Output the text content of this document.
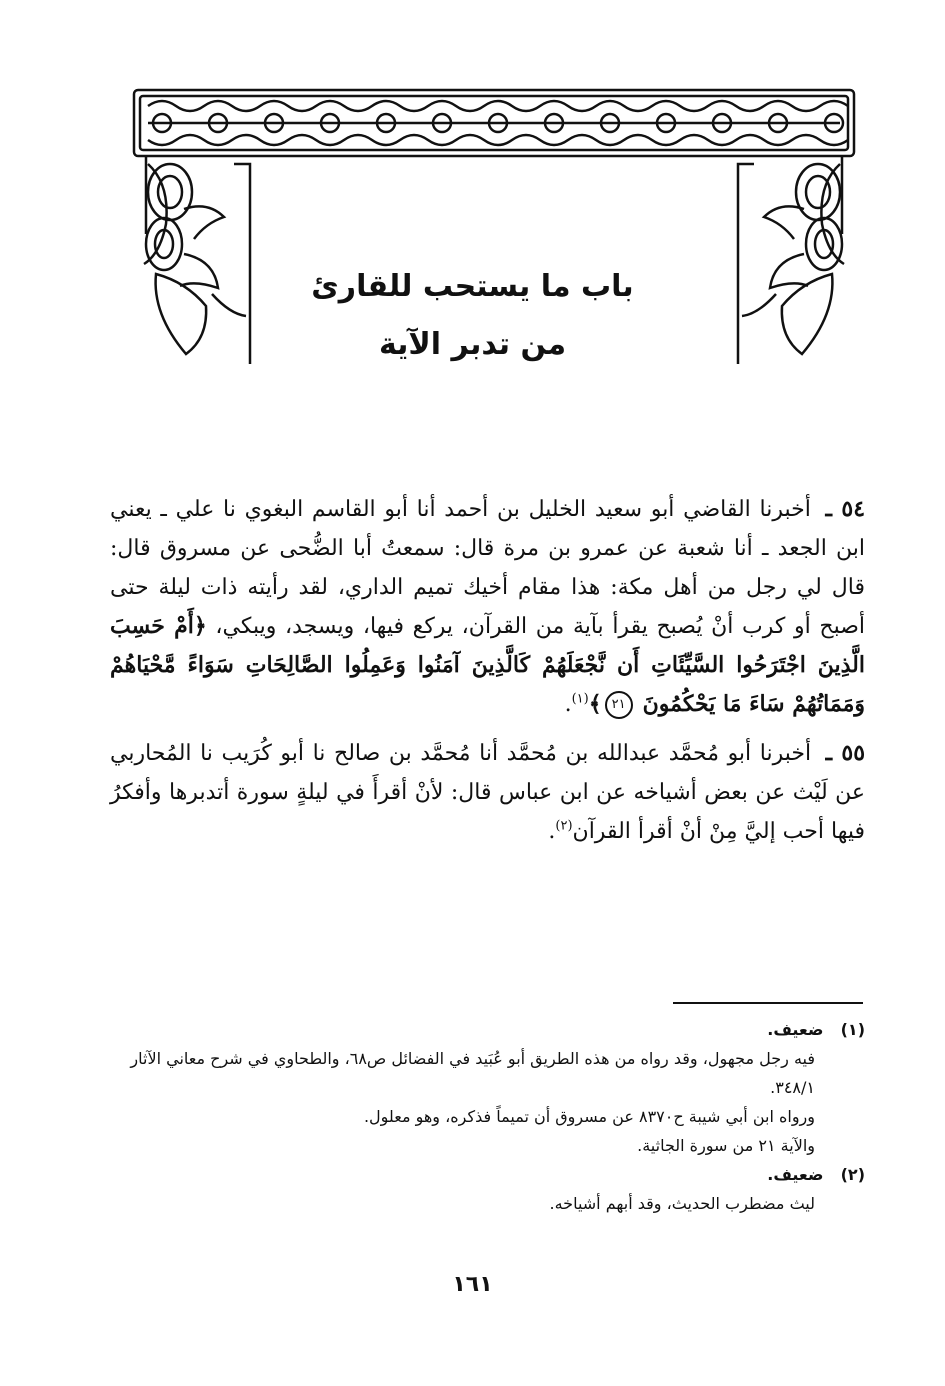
باب ما يستحب للقارئ
من تدبر الآية

٥٤ ـ أخبرنا القاضي أبو سعيد الخليل بن أحمد أنا أبو القاسم البغوي نا علي ـ يعني ابن الجعد ـ أنا شعبة عن عمرو بن مرة قال: سمعتُ أبا الضُّحى عن مسروق قال: قال لي رجل من أهل مكة: هذا مقام أخيك تميم الداري، لقد رأيته ذات ليلة حتى أصبح أو كرب أنْ يُصبح يقرأ بآية من القرآن، يركع فيها، ويسجد، ويبكي، ﴿أَمْ حَسِبَ الَّذِينَ اجْتَرَحُوا السَّيِّئَاتِ أَن نَّجْعَلَهُمْ كَالَّذِينَ آمَنُوا وَعَمِلُوا الصَّالِحَاتِ سَوَاءً مَّحْيَاهُمْ وَمَمَاتُهُمْ سَاءَ مَا يَحْكُمُونَ ٢١﴾$^{(١)}$.

٥٥ ـ أخبرنا أبو مُحمَّد عبدالله بن مُحمَّد أنا مُحمَّد بن صالح نا أبو كُرَيب نا المُحاربي عن لَيْث عن بعض أشياخه عن ابن عباس قال: لأنْ أقرأَ في ليلةٍ سورة أتدبرها وأفكرُ فيها أحب إليَّ مِنْ أنْ أقرأ القرآن$^{(٢)}$.

(١) ضعيف.
فيه رجل مجهول، وقد رواه من هذه الطريق أبو عُبَيد في الفضائل ص٦٨، والطحاوي في شرح معاني الآثار ٣٤٨/١.
ورواه ابن أبي شيبة ح٨٣٧٠ عن مسروق أن تميماً فذكره، وهو معلول.
والآية ٢١ من سورة الجاثية.
(٢) ضعيف.
ليث مضطرب الحديث، وقد أبهم أشياخه.
١٦١
